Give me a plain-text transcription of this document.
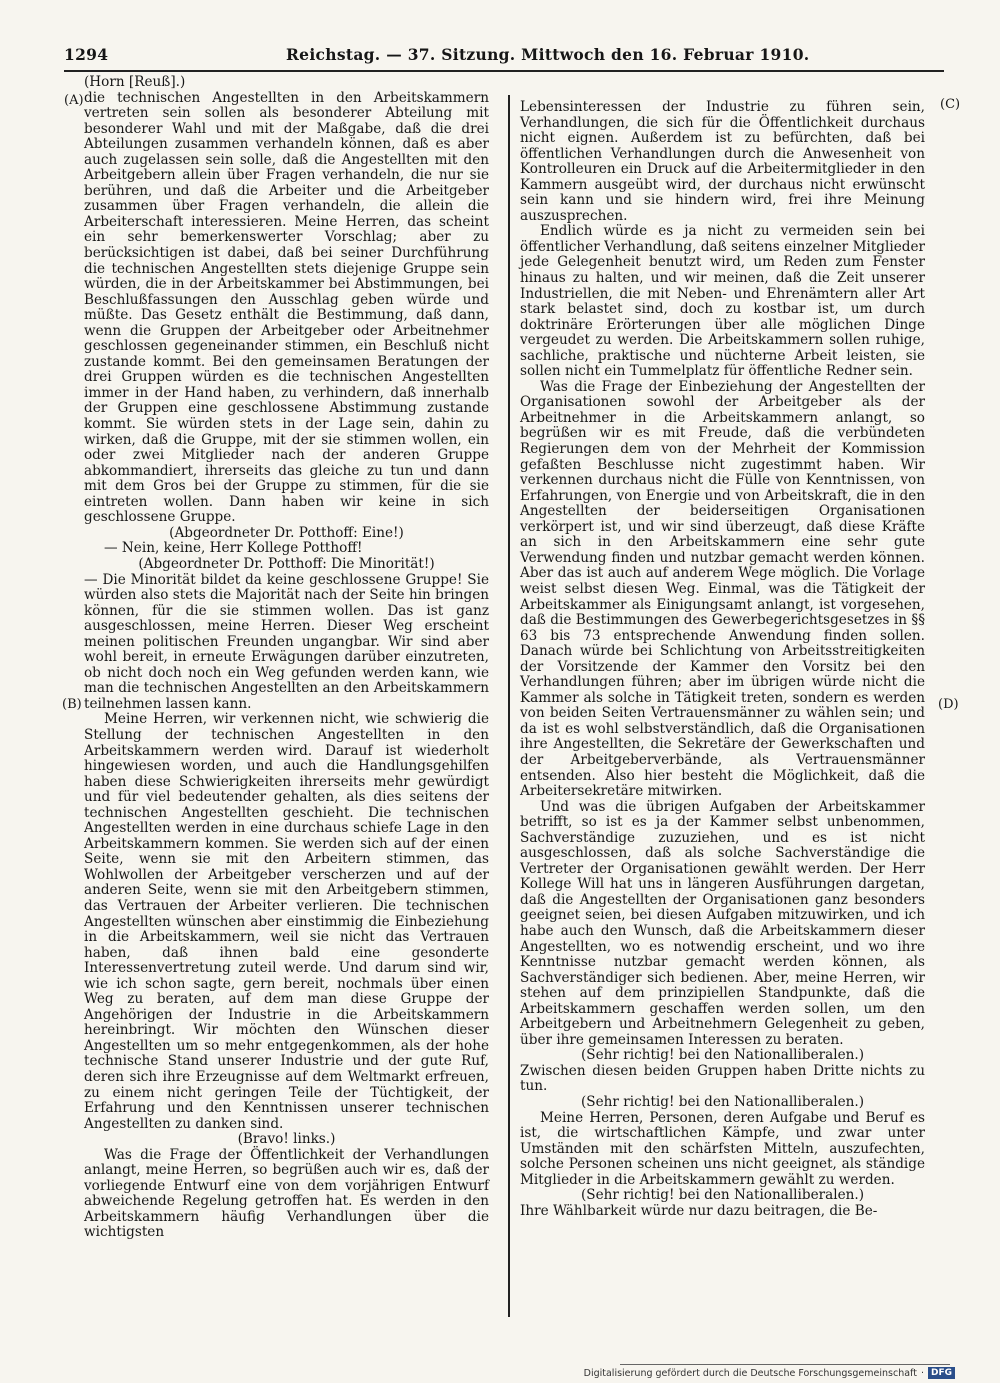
1294	Reichstag. — 37. Sitzung. Mittwoch den 16. Februar 1910.
(A)
(B)
(C)
(D)

(Horn [Reuß].)

die technischen Angestellten in den Arbeitskammern vertreten sein sollen als besonderer Abteilung mit besonderer Wahl und mit der Maßgabe, daß die drei Abteilungen zusammen verhandeln können, daß es aber auch zugelassen sein solle, daß die Angestellten mit den Arbeitgebern allein über Fragen verhandeln, die nur sie berühren, und daß die Arbeiter und die Arbeitgeber zusammen über Fragen verhandeln, die allein die Arbeiterschaft interessieren. Meine Herren, das scheint ein sehr bemerkenswerter Vorschlag; aber zu berücksichtigen ist dabei, daß bei seiner Durchführung die technischen Angestellten stets diejenige Gruppe sein würden, die in der Arbeitskammer bei Abstimmungen, bei Beschlußfassungen den Ausschlag geben würde und müßte. Das Gesetz enthält die Bestimmung, daß dann, wenn die Gruppen der Arbeitgeber oder Arbeitnehmer geschlossen gegeneinander stimmen, ein Beschluß nicht zustande kommt. Bei den gemeinsamen Beratungen der drei Gruppen würden es die technischen Angestellten immer in der Hand haben, zu verhindern, daß innerhalb der Gruppen eine geschlossene Abstimmung zustande kommt. Sie würden stets in der Lage sein, dahin zu wirken, daß die Gruppe, mit der sie stimmen wollen, ein oder zwei Mitglieder nach der anderen Gruppe abkommandiert, ihrerseits das gleiche zu tun und dann mit dem Gros bei der Gruppe zu stimmen, für die sie eintreten wollen. Dann haben wir keine in sich geschlossene Gruppe.

(Abgeordneter Dr. Potthoff: Eine!)

— Nein, keine, Herr Kollege Potthoff!

(Abgeordneter Dr. Potthoff: Die Minorität!)

— Die Minorität bildet da keine geschlossene Gruppe! Sie würden also stets die Majorität nach der Seite hin bringen können, für die sie stimmen wollen. Das ist ganz ausgeschlossen, meine Herren. Dieser Weg erscheint meinen politischen Freunden ungangbar. Wir sind aber wohl bereit, in erneute Erwägungen darüber einzutreten, ob nicht doch noch ein Weg gefunden werden kann, wie man die technischen Angestellten an den Arbeitskammern teilnehmen lassen kann.

Meine Herren, wir verkennen nicht, wie schwierig die Stellung der technischen Angestellten in den Arbeitskammern werden wird. Darauf ist wiederholt hingewiesen worden, und auch die Handlungsgehilfen haben diese Schwierigkeiten ihrerseits mehr gewürdigt und für viel bedeutender gehalten, als dies seitens der technischen Angestellten geschieht. Die technischen Angestellten werden in eine durchaus schiefe Lage in den Arbeitskammern kommen. Sie werden sich auf der einen Seite, wenn sie mit den Arbeitern stimmen, das Wohlwollen der Arbeitgeber verscherzen und auf der anderen Seite, wenn sie mit den Arbeitgebern stimmen, das Vertrauen der Arbeiter verlieren. Die technischen Angestellten wünschen aber einstimmig die Einbeziehung in die Arbeitskammern, weil sie nicht das Vertrauen haben, daß ihnen bald eine gesonderte Interessenvertretung zuteil werde. Und darum sind wir, wie ich schon sagte, gern bereit, nochmals über einen Weg zu beraten, auf dem man diese Gruppe der Angehörigen der Industrie in die Arbeitskammern hereinbringt. Wir möchten den Wünschen dieser Angestellten um so mehr entgegenkommen, als der hohe technische Stand unserer Industrie und der gute Ruf, deren sich ihre Erzeugnisse auf dem Weltmarkt erfreuen, zu einem nicht geringen Teile der Tüchtigkeit, der Erfahrung und den Kenntnissen unserer technischen Angestellten zu danken sind.

(Bravo! links.)

Was die Frage der Öffentlichkeit der Verhandlungen anlangt, meine Herren, so begrüßen auch wir es, daß der vorliegende Entwurf eine von dem vorjährigen Entwurf abweichende Regelung getroffen hat. Es werden in den Arbeitskammern häufig Verhandlungen über die wichtigsten

Lebensinteressen der Industrie zu führen sein, Verhandlungen, die sich für die Öffentlichkeit durchaus nicht eignen. Außerdem ist zu befürchten, daß bei öffentlichen Verhandlungen durch die Anwesenheit von Kontrolleuren ein Druck auf die Arbeitermitglieder in den Kammern ausgeübt wird, der durchaus nicht erwünscht sein kann und sie hindern wird, frei ihre Meinung auszusprechen.

Endlich würde es ja nicht zu vermeiden sein bei öffentlicher Verhandlung, daß seitens einzelner Mitglieder jede Gelegenheit benutzt wird, um Reden zum Fenster hinaus zu halten, und wir meinen, daß die Zeit unserer Industriellen, die mit Neben- und Ehrenämtern aller Art stark belastet sind, doch zu kostbar ist, um durch doktrinäre Erörterungen über alle möglichen Dinge vergeudet zu werden. Die Arbeitskammern sollen ruhige, sachliche, praktische und nüchterne Arbeit leisten, sie sollen nicht ein Tummelplatz für öffentliche Redner sein.

Was die Frage der Einbeziehung der Angestellten der Organisationen sowohl der Arbeitgeber als der Arbeitnehmer in die Arbeitskammern anlangt, so begrüßen wir es mit Freude, daß die verbündeten Regierungen dem von der Mehrheit der Kommission gefaßten Beschlusse nicht zugestimmt haben. Wir verkennen durchaus nicht die Fülle von Kenntnissen, von Erfahrungen, von Energie und von Arbeitskraft, die in den Angestellten der beiderseitigen Organisationen verkörpert ist, und wir sind überzeugt, daß diese Kräfte an sich in den Arbeitskammern eine sehr gute Verwendung finden und nutzbar gemacht werden können. Aber das ist auch auf anderem Wege möglich. Die Vorlage weist selbst diesen Weg. Einmal, was die Tätigkeit der Arbeitskammer als Einigungsamt anlangt, ist vorgesehen, daß die Bestimmungen des Gewerbegerichtsgesetzes in §§ 63 bis 73 entsprechende Anwendung finden sollen. Danach würde bei Schlichtung von Arbeitsstreitigkeiten der Vorsitzende der Kammer den Vorsitz bei den Verhandlungen führen; aber im übrigen würde nicht die Kammer als solche in Tätigkeit treten, sondern es werden von beiden Seiten Vertrauensmänner zu wählen sein; und da ist es wohl selbstverständlich, daß die Organisationen ihre Angestellten, die Sekretäre der Gewerkschaften und der Arbeitgeberverbände, als Vertrauensmänner entsenden. Also hier besteht die Möglichkeit, daß die Arbeitersekretäre mitwirken.

Und was die übrigen Aufgaben der Arbeitskammer betrifft, so ist es ja der Kammer selbst unbenommen, Sachverständige zuzuziehen, und es ist nicht ausgeschlossen, daß als solche Sachverständige die Vertreter der Organisationen gewählt werden. Der Herr Kollege Will hat uns in längeren Ausführungen dargetan, daß die Angestellten der Organisationen ganz besonders geeignet seien, bei diesen Aufgaben mitzuwirken, und ich habe auch den Wunsch, daß die Arbeitskammern dieser Angestellten, wo es notwendig erscheint, und wo ihre Kenntnisse nutzbar gemacht werden können, als Sachverständiger sich bedienen. Aber, meine Herren, wir stehen auf dem prinzipiellen Standpunkte, daß die Arbeitskammern geschaffen werden sollen, um den Arbeitgebern und Arbeitnehmern Gelegenheit zu geben, über ihre gemeinsamen Interessen zu beraten.

(Sehr richtig! bei den Nationalliberalen.)

Zwischen diesen beiden Gruppen haben Dritte nichts zu tun.

(Sehr richtig! bei den Nationalliberalen.)

Meine Herren, Personen, deren Aufgabe und Beruf es ist, die wirtschaftlichen Kämpfe, und zwar unter Umständen mit den schärfsten Mitteln, auszufechten, solche Personen scheinen uns nicht geeignet, als ständige Mitglieder in die Arbeitskammern gewählt zu werden.

(Sehr richtig! bei den Nationalliberalen.)

Ihre Wählbarkeit würde nur dazu beitragen, die Be-

Digitalisierung gefördert durch die Deutsche Forschungsgemeinschaft · DFG
